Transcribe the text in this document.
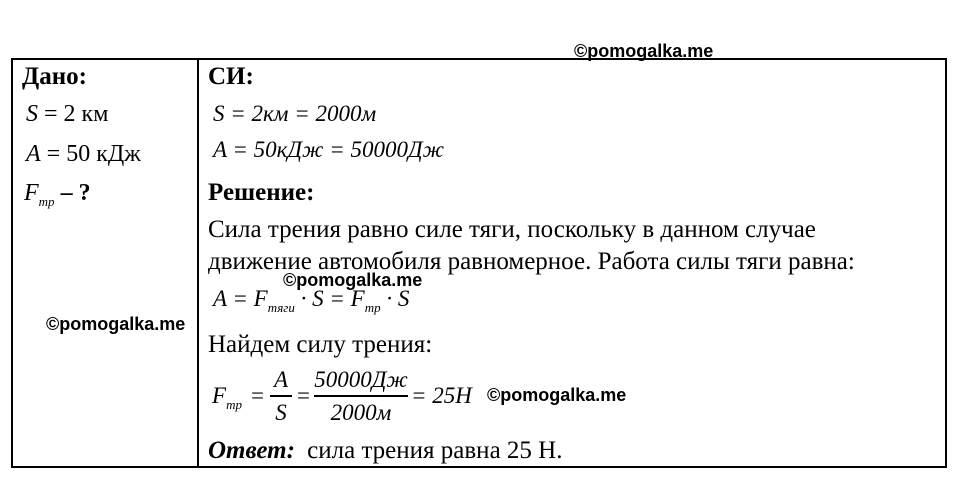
©pomogalka.me
©pomogalka.me
©pomogalka.me
©pomogalka.me
Дано:
S = 2 км
A = 50 кДж
$F_{тр}$ – ?
СИ:
S = 2км = 2000м
A = 50кДж = 50000Дж
Решение:
Сила трения равно силе тяги, поскольку в данном случае
движение автомобиля равномерное. Работа силы тяги равна:
$A = F_{тяги} \cdot S = F_{тр} \cdot S$
Найдем силу трения:
$F_{тр}$ =
A
S
=
50000Дж
2000м
= 25H
Ответ: сила трения равна 25 Н.
